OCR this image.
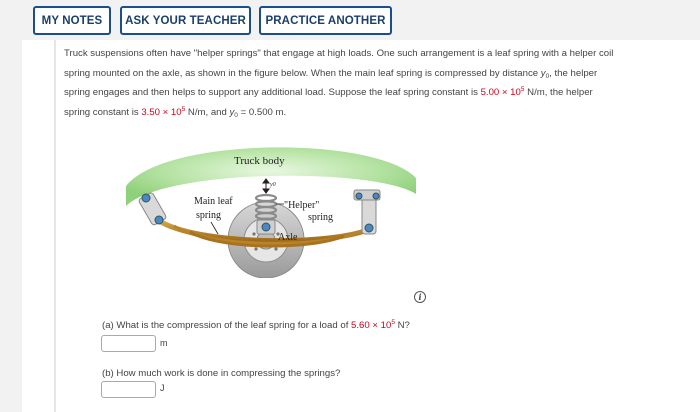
MY NOTES	ASK YOUR TEACHER	PRACTICE ANOTHER
Truck suspensions often have "helper springs" that engage at high loads. One such arrangement is a leaf spring with a helper coil
spring mounted on the axle, as shown in the figure below. When the main leaf spring is compressed by distance $y_0$, the helper
spring engages and then helps to support any additional load. Suppose the leaf spring constant is $5.00 \times 10^5$ N/m, the helper
spring constant is $3.50 \times 10^5$ N/m, and $y_0 = 0.500$ m.
Truck body
y0
Main leaf
spring
"Helper"
spring
Axle
i
(a) What is the compression of the leaf spring for a load of $5.60 \times 10^5$ N?
m
(b) How much work is done in compressing the springs?
J
